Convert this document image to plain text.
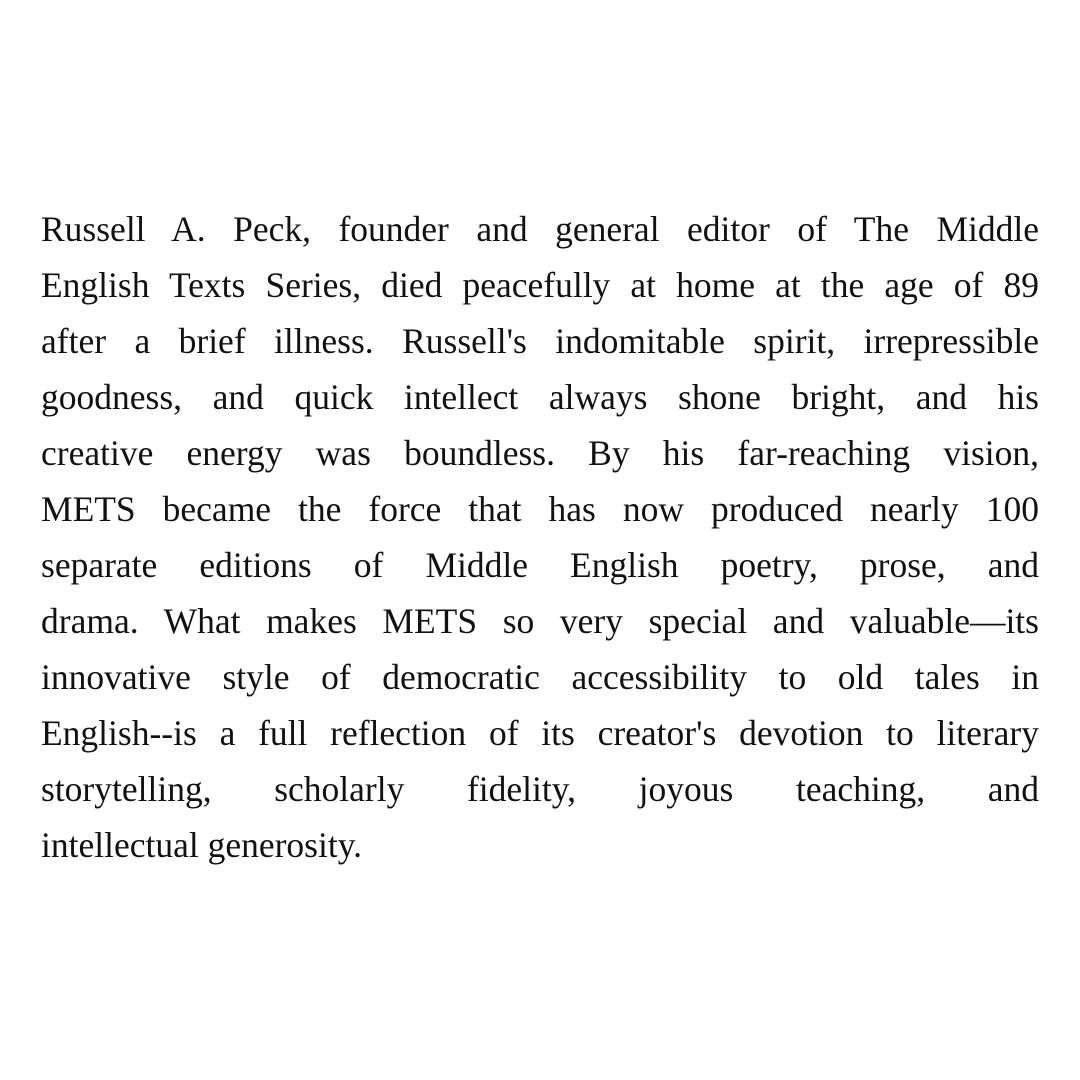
Russell A. Peck, founder and general editor of The Middle
English Texts Series, died peacefully at home at the age of 89
after a brief illness. Russell's indomitable spirit, irrepressible
goodness, and quick intellect always shone bright, and his
creative energy was boundless. By his far-reaching vision,
METS became the force that has now produced nearly 100
separate editions of Middle English poetry, prose, and
drama. What makes METS so very special and valuable—its
innovative style of democratic accessibility to old tales in
English--is a full reflection of its creator's devotion to literary
storytelling, scholarly fidelity, joyous teaching, and
intellectual generosity.
